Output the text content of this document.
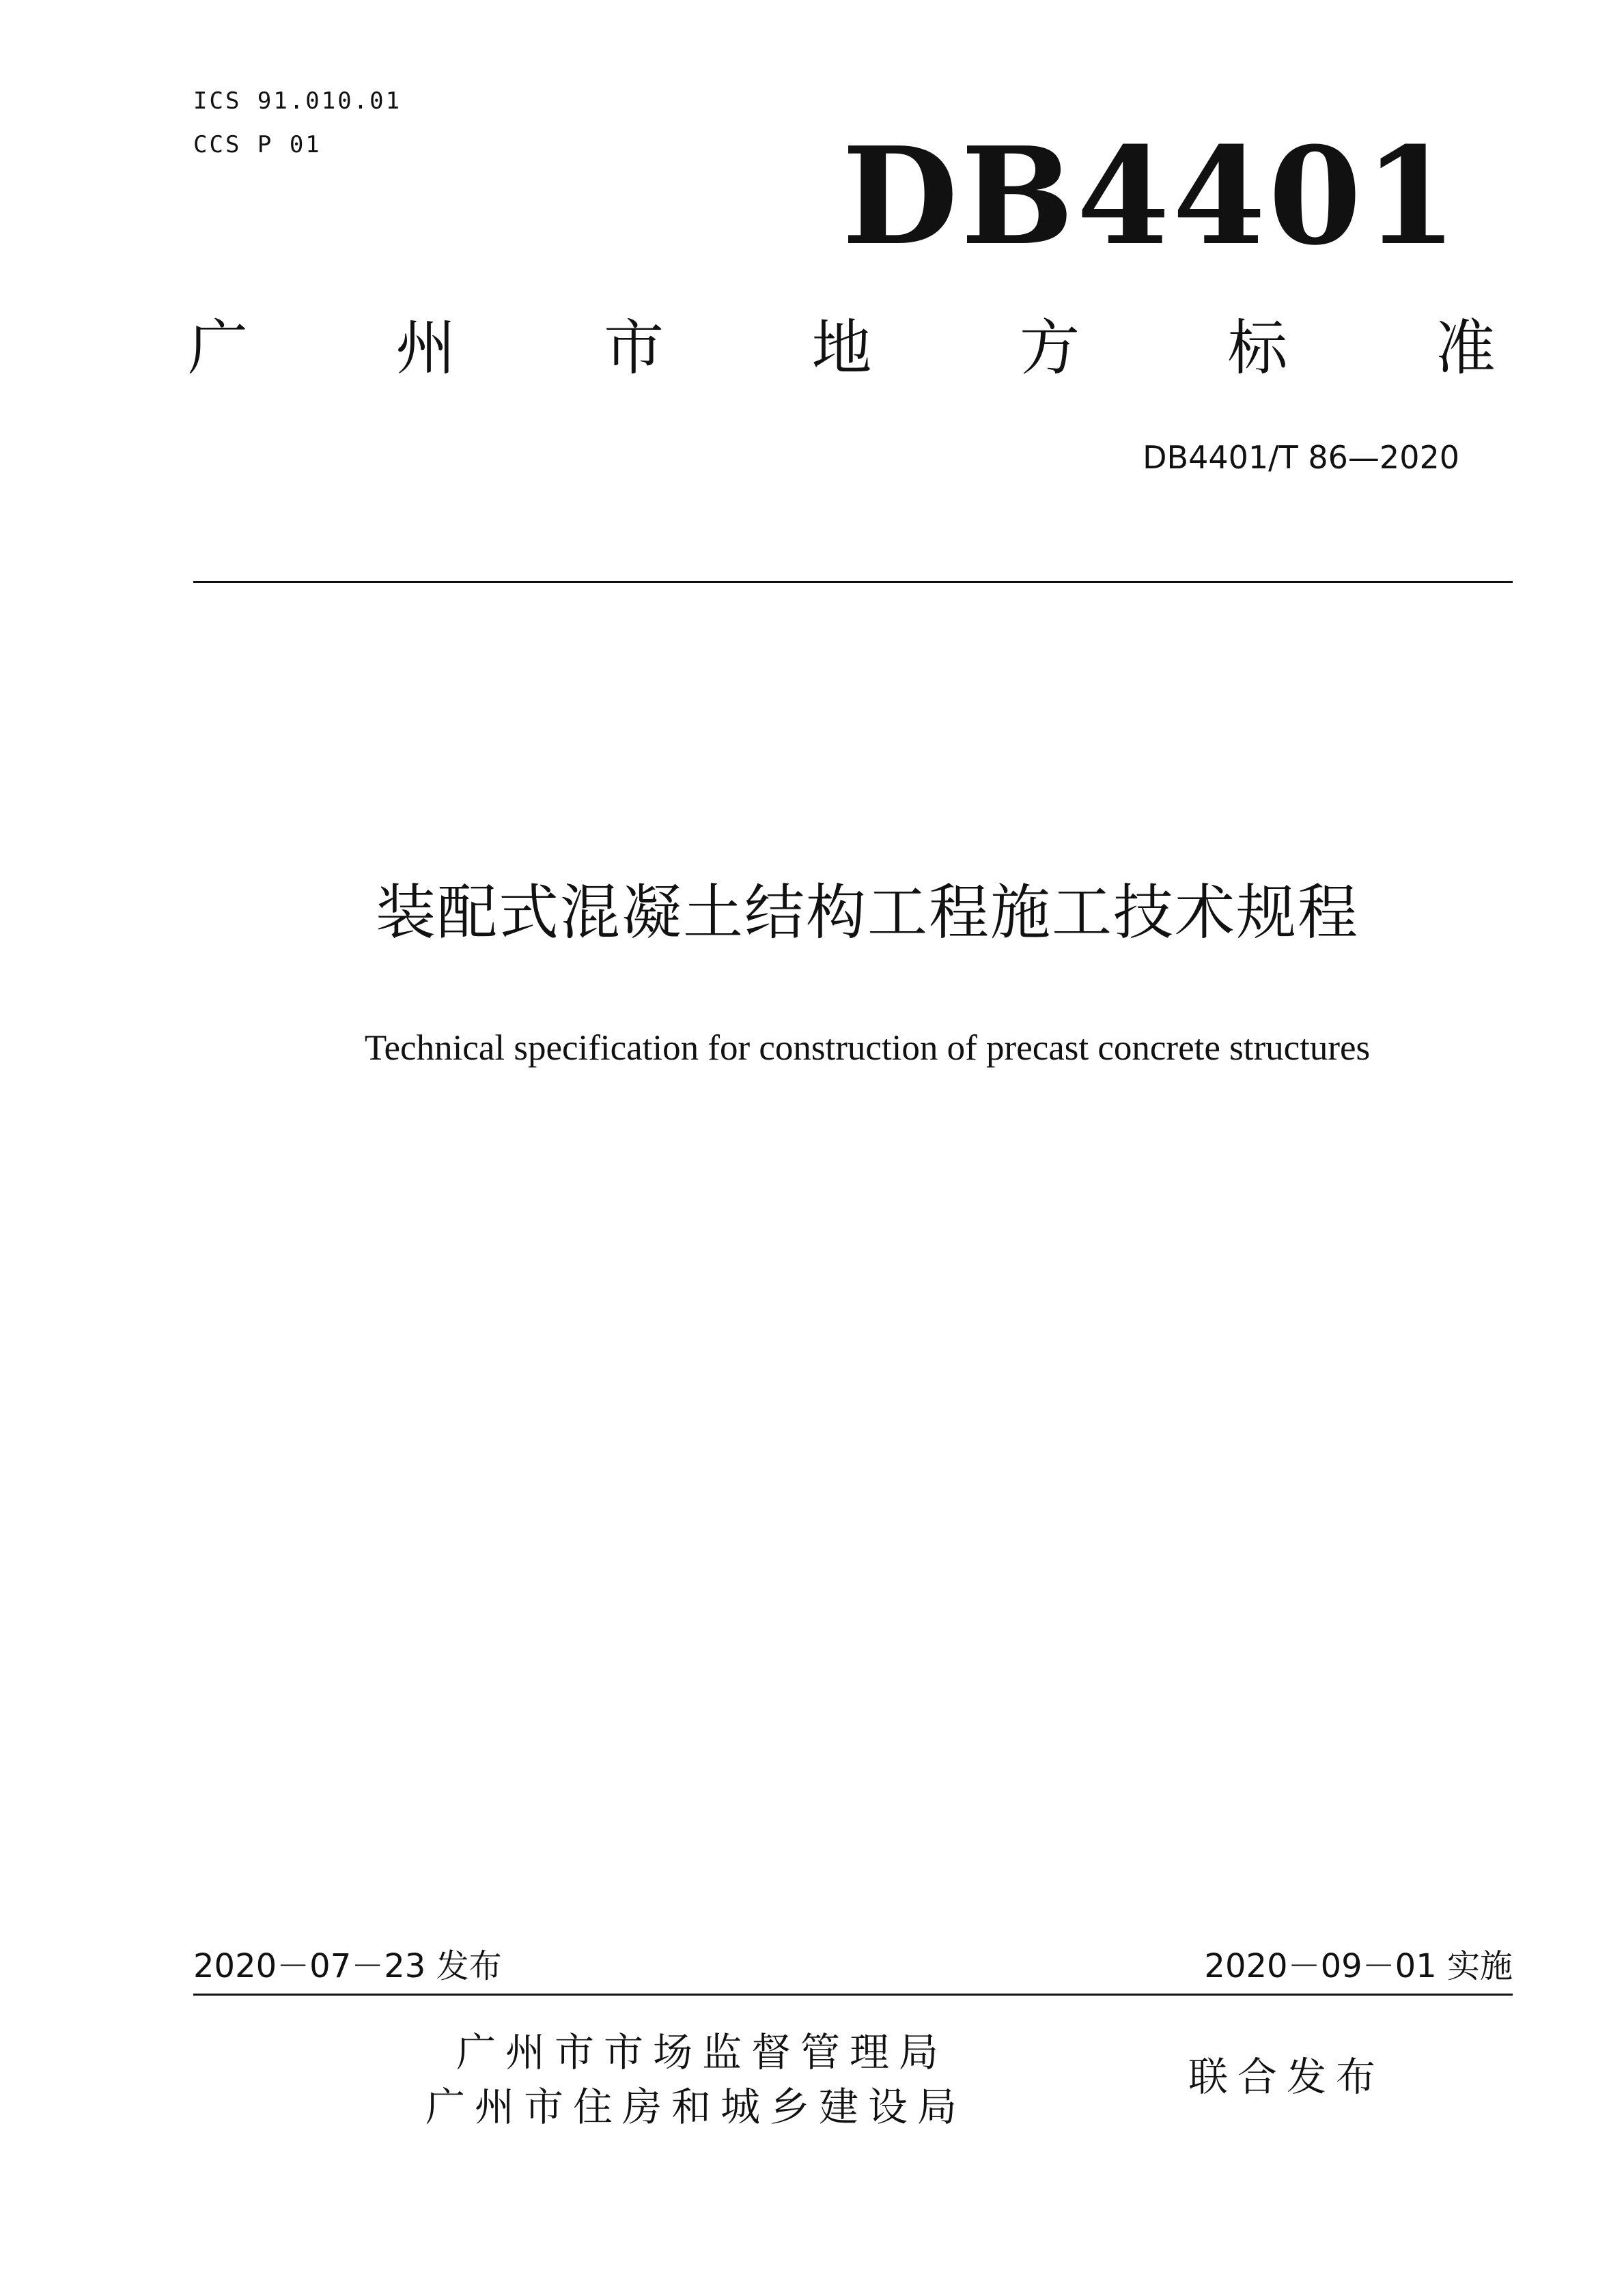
ICS 91.010.01
CCS P 01	DB4401
广 州 市 地 方 标 准
DB4401/T 86—2020
装配式混凝土结构工程施工技术规程
Technical specification for construction of precast concrete structures
2020－07－23 发布	2020－09－01 实施
广州市市场监督管理局
广州市住房和城乡建设局
联合发布
